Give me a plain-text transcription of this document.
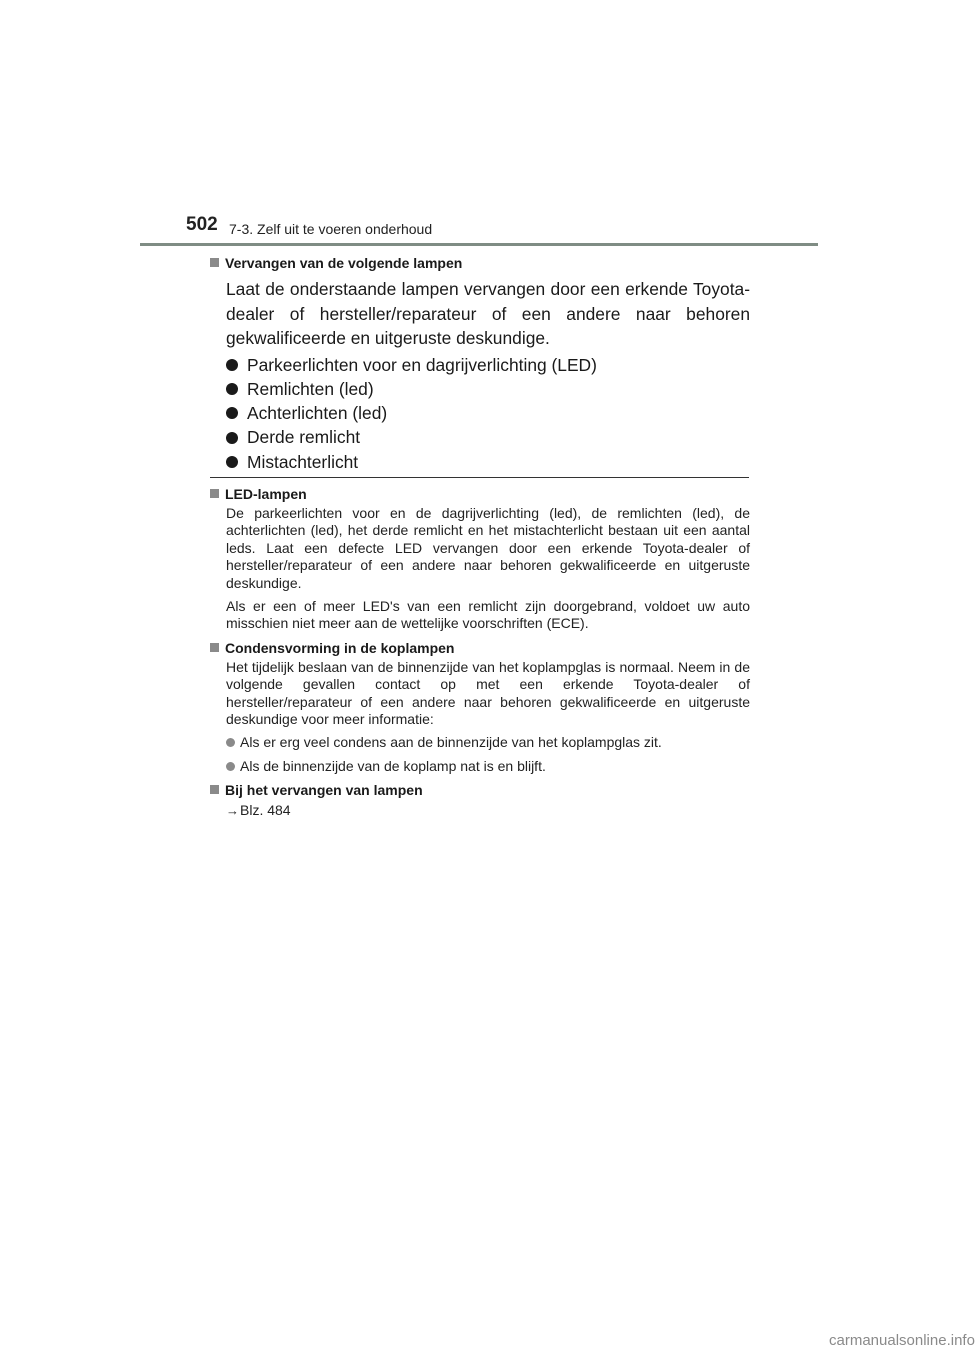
502 7-3. Zelf uit te voeren onderhoud
Vervangen van de volgende lampen

Laat de onderstaande lampen vervangen door een erkende Toyota-dealer of hersteller/reparateur of een andere naar behoren gekwalificeerde en uitgeruste deskundige.

Parkeerlichten voor en dagrijverlichting (LED)
Remlichten (led)
Achterlichten (led)
Derde remlicht
Mistachterlicht
LED-lampen

De parkeerlichten voor en de dagrijverlichting (led), de remlichten (led), de achterlichten (led), het derde remlicht en het mistachterlicht bestaan uit een aantal leds. Laat een defecte LED vervangen door een erkende Toyota-dealer of hersteller/reparateur of een andere naar behoren gekwalificeerde en uitgeruste deskundige.

Als er een of meer LED's van een remlicht zijn doorgebrand, voldoet uw auto misschien niet meer aan de wettelijke voorschriften (ECE).

Condensvorming in de koplampen

Het tijdelijk beslaan van de binnenzijde van het koplampglas is normaal. Neem in de volgende gevallen contact op met een erkende Toyota-dealer of hersteller/reparateur of een andere naar behoren gekwalificeerde en uitgeruste deskundige voor meer informatie:

Als er erg veel condens aan de binnenzijde van het koplampglas zit.
Als de binnenzijde van de koplamp nat is en blijft.
Bij het vervangen van lampen
→Blz. 484
carmanualsonline.info
